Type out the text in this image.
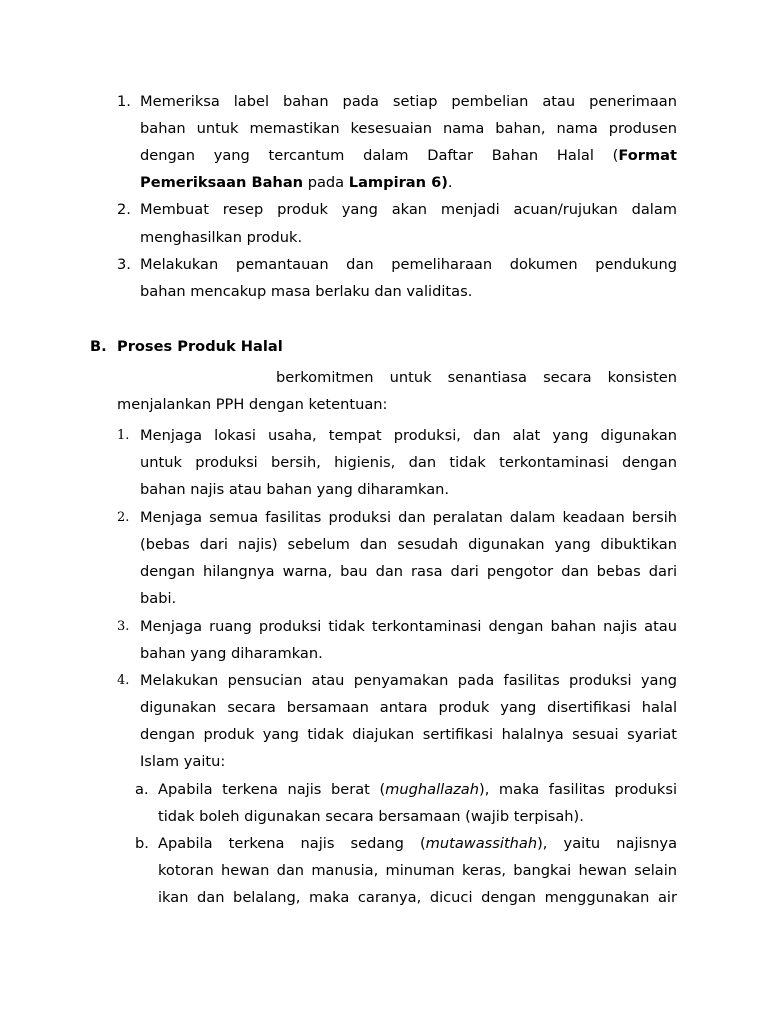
1. Memeriksa label bahan pada setiap pembelian atau penerimaan
bahan untuk memastikan kesesuaian nama bahan, nama produsen
dengan yang tercantum dalam Daftar Bahan Halal (Format
Pemeriksaan Bahan pada Lampiran 6).
2. Membuat resep produk yang akan menjadi acuan/rujukan dalam
menghasilkan produk.
3. Melakukan pemantauan dan pemeliharaan dokumen pendukung
bahan mencakup masa berlaku dan validitas.
B. Proses Produk Halal
berkomitmen untuk senantiasa secara konsisten
menjalankan PPH dengan ketentuan:
1. Menjaga lokasi usaha, tempat produksi, dan alat yang digunakan
untuk produksi bersih, higienis, dan tidak terkontaminasi dengan
bahan najis atau bahan yang diharamkan.
2. Menjaga semua fasilitas produksi dan peralatan dalam keadaan bersih
(bebas dari najis) sebelum dan sesudah digunakan yang dibuktikan
dengan hilangnya warna, bau dan rasa dari pengotor dan bebas dari
babi.
3. Menjaga ruang produksi tidak terkontaminasi dengan bahan najis atau
bahan yang diharamkan.
4. Melakukan pensucian atau penyamakan pada fasilitas produksi yang
digunakan secara bersamaan antara produk yang disertifikasi halal
dengan produk yang tidak diajukan sertifikasi halalnya sesuai syariat
Islam yaitu:
a. Apabila terkena najis berat (mughallazah), maka fasilitas produksi
tidak boleh digunakan secara bersamaan (wajib terpisah).
b. Apabila terkena najis sedang (mutawassithah), yaitu najisnya
kotoran hewan dan manusia, minuman keras, bangkai hewan selain
ikan dan belalang, maka caranya, dicuci dengan menggunakan air
